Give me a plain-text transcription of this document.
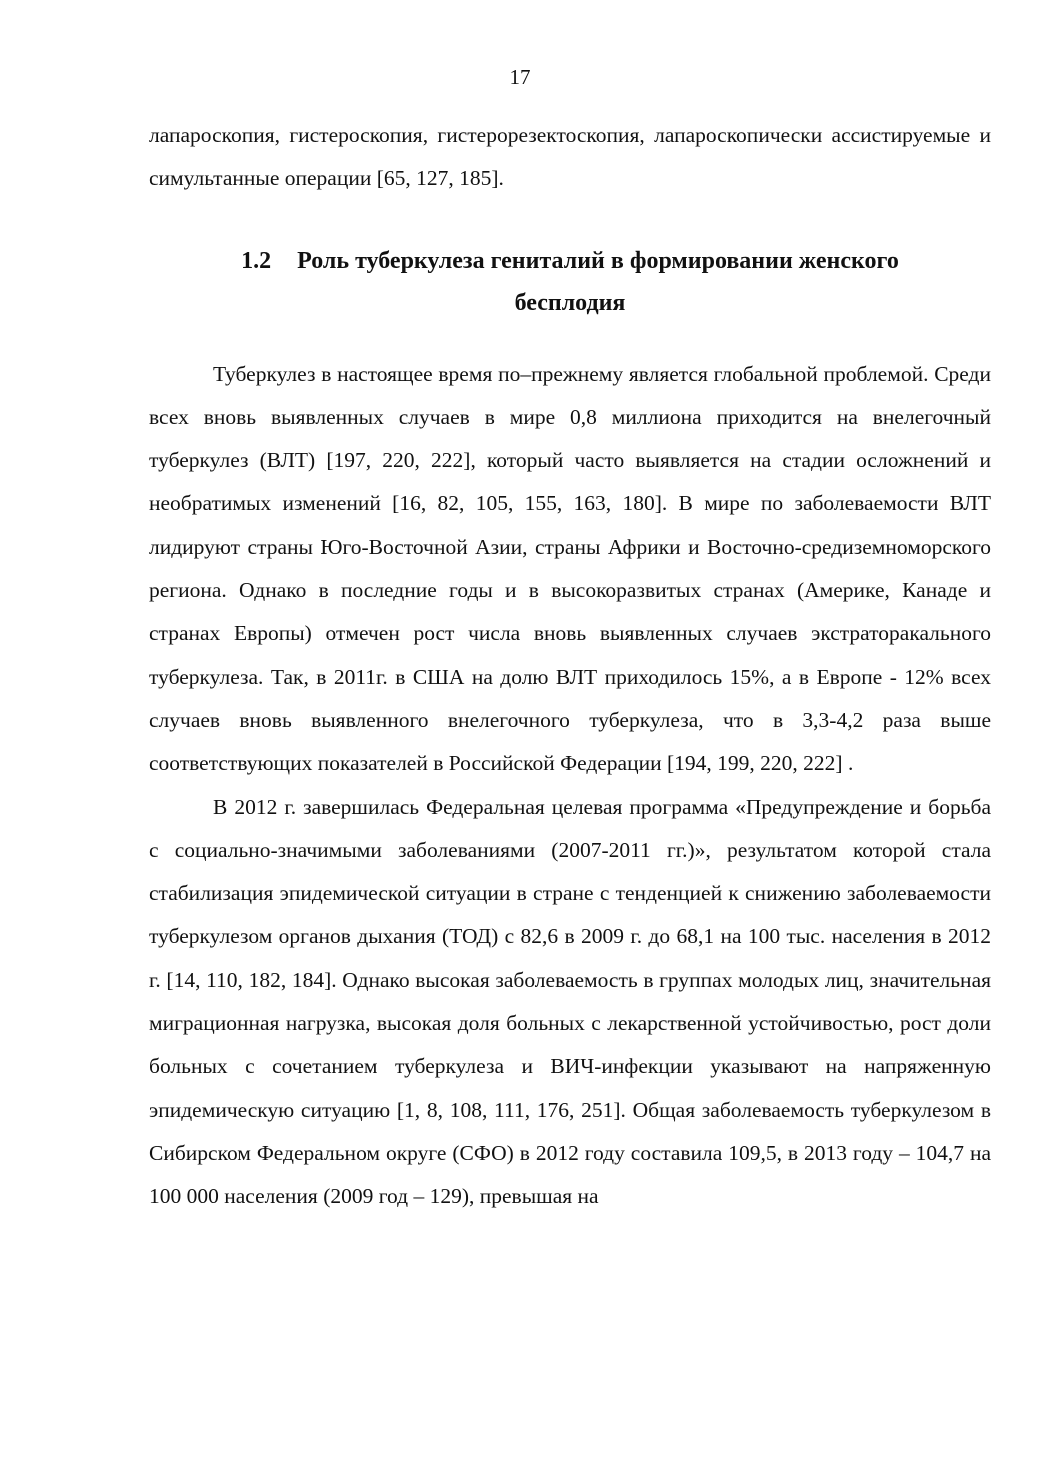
17

лапароскопия, гистероскопия, гистерорезектоскопия, лапароскопически ассистируемые и симультанные операции [65, 127, 185].

1.2 Роль туберкулеза гениталий в формировании женского
бесплодия

Туберкулез в настоящее время по–прежнему является глобальной проблемой. Среди всех вновь выявленных случаев в мире 0,8 миллиона приходится на внелегочный туберкулез (ВЛТ) [197, 220, 222], который часто выявляется на стадии осложнений и необратимых изменений [16, 82, 105, 155, 163, 180]. В мире по заболеваемости ВЛТ лидируют страны Юго-Восточной Азии, страны Африки и Восточно-средиземноморского региона. Однако в последние годы и в высокоразвитых странах (Америке, Канаде и странах Европы) отмечен рост числа вновь выявленных случаев экстраторакального туберкулеза. Так, в 2011г. в США на долю ВЛТ приходилось 15%, а в Европе - 12% всех случаев вновь выявленного внелегочного туберкулеза, что в 3,3-4,2 раза выше соответствующих показателей в Российской Федерации [194, 199, 220, 222] .

В 2012 г. завершилась Федеральная целевая программа «Предупреждение и борьба с социально-значимыми заболеваниями (2007-2011 гг.)», результатом которой стала стабилизация эпидемической ситуации в стране с тенденцией к снижению заболеваемости туберкулезом органов дыхания (ТОД) с 82,6 в 2009 г. до 68,1 на 100 тыс. населения в 2012 г. [14, 110, 182, 184]. Однако высокая заболеваемость в группах молодых лиц, значительная миграционная нагрузка, высокая доля больных с лекарственной устойчивостью, рост доли больных с сочетанием туберкулеза и ВИЧ-инфекции указывают на напряженную эпидемическую ситуацию [1, 8, 108, 111, 176, 251]. Общая заболеваемость туберкулезом в Сибирском Федеральном округе (СФО) в 2012 году составила 109,5, в 2013 году – 104,7 на 100 000 населения (2009 год – 129), превышая на
